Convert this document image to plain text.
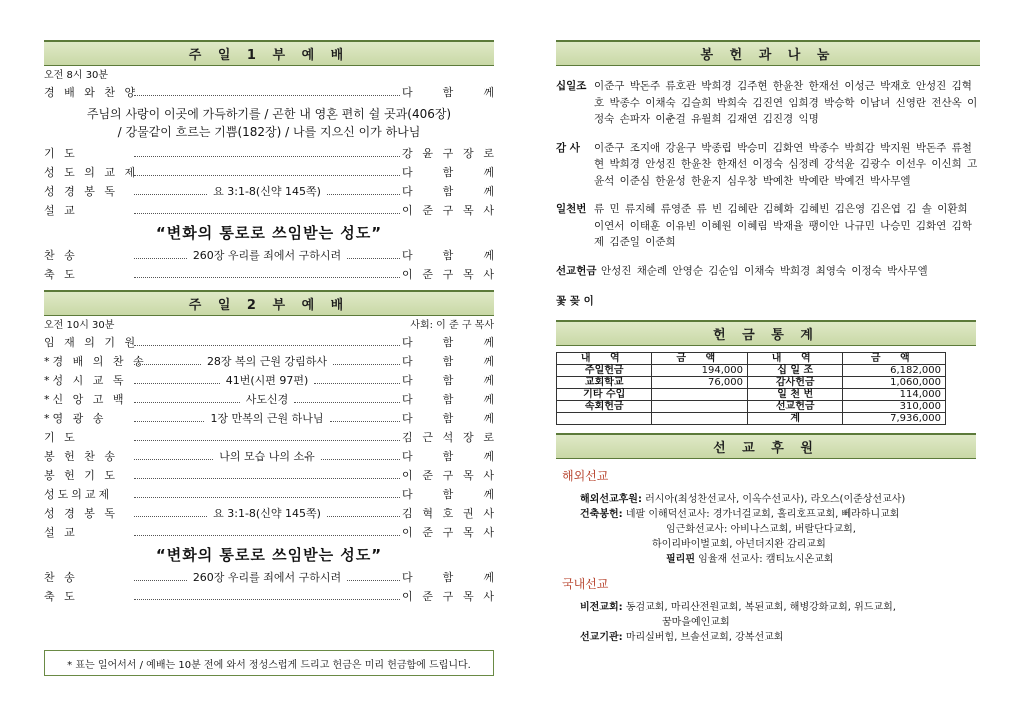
주 일 1 부 예 배
오전 8시 30분
경 배 와 찬 양	다	함	께
주님의 사랑이 이곳에 가득하기를 / 곤한 내 영혼 편히 쉴 곳과(406장)
/ 강물같이 흐르는 기쁨(182장) / 나를 지으신 이가 하나님
기 도	강 윤 구 장 로
성 도 의 교 제	다	함	께
성 경 봉 독	요 3:1-8(신약 145쪽)	다	함	께
설 교	이 준 구 목 사
“변화의 통로로 쓰임받는 성도”
찬 송	260장 우리를 죄에서 구하시려	다	함	께
축 도	이 준 구 목 사
주 일 2 부 예 배
오전 10시 30분	사회: 이 준 구 목사
임 재 의 기 원	다	함	께
*경 배 의 찬 송	28장 복의 근원 강림하사	다	함	께
*성 시 교 독	41번(시편 97편)	다	함	께
*신 앙 고 백	사도신경	다	함	께
*영 광 송	1장 만복의 근원 하나님	다	함	께
기 도	김 근 석 장 로
봉 헌 찬 송	나의 모습 나의 소유	다	함	께
봉 헌 기 도	이 준 구 목 사
성도의교제	다	함	께
성 경 봉 독	요 3:1-8(신약 145쪽)	김 혁 호 권 사
설 교	이 준 구 목 사
“변화의 통로로 쓰임받는 성도”
찬 송	260장 우리를 죄에서 구하시려	다	함	께
축 도	이 준 구 목 사
* 표는 일어서서 / 예배는 10분 전에 와서 정성스럽게 드리고 헌금은 미리 헌금함에 드립니다.
봉 헌 과 나 눔
십일조 이준구 박돈주 류호관 박희경 김주현 한윤찬 한재선 이성근 박재호 안성진 김혁호 박종수 이채숙 김슬희 박희숙 김진연 임희경 박승학 이남녀 신영란 전산옥 이정숙 손파자 이춘걸 유월희 김재연 김진경 익명
감 사	이준구 조지애 강윤구 박종립 박승미 김화연 박종수 박희감 박지원 박돈주 류철현 박희경 안성진 한윤찬 한재선 이정숙 심정례 강석윤 김광수 이선우 이신희 고윤석 이준심 한윤성 한윤지 심우창 박예찬 박예란 박예건 박사무엘
일천번 류 민 류지혜 류영준 류 빈 김혜란 김혜화 김혜빈 김은영 김은엽 김 솔 이환희 이연서 이태훈 이유빈 이혜원 이혜림 박재율 팽이안 나규민 나승민 김화연 김학제 김준일 이준희
선교헌금 안성진 채순례 안영순 김순임 이채숙 박희경 최영숙 이정숙 박사무엘
꽃 꽂 이
헌 금 통 계
내 역	금 액	내 역	금 액
주일헌금	194,000	십 일 조	6,182,000
교회학교	76,000	감사헌금	1,060,000
기타 수입		일 천 번	114,000
속회헌금		선교헌금	310,000
		계	7,936,000
선 교 후 원
해외선교
해외선교후원: 러시아(최성찬선교사, 이옥수선교사), 라오스(이준상선교사)
건축봉헌: 네팔 이해덕선교사: 경가너걸교회, 홀리호프교회, 뻬라하니교회
임근화선교사: 아비나스교회, 버랄단다교회,
하이리바이벌교회, 아넌더지완 감리교회
필리핀 임율재 선교사: 캠티뇨시온교회
국내선교
비전교회: 동검교회, 마리산전원교회, 복된교회, 해병강화교회, 위드교회,
꿈마을예인교회
선교기관: 마리실버힘, 브솔선교회, 강복선교회
